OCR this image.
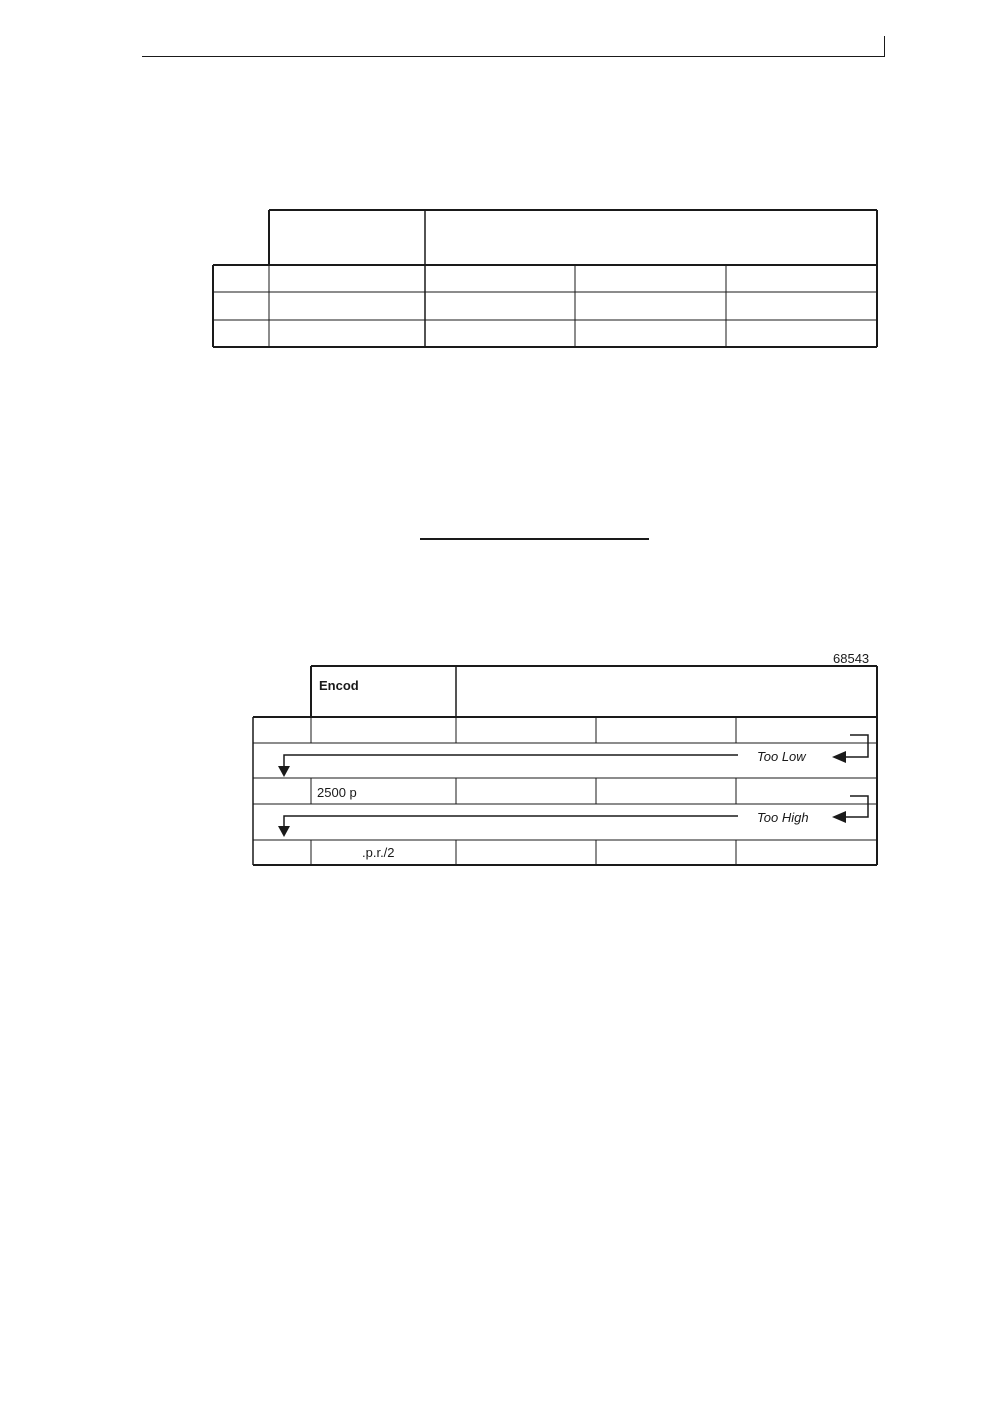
68543
Too Low
Too High
Encod
2500 p
.p.r./2
